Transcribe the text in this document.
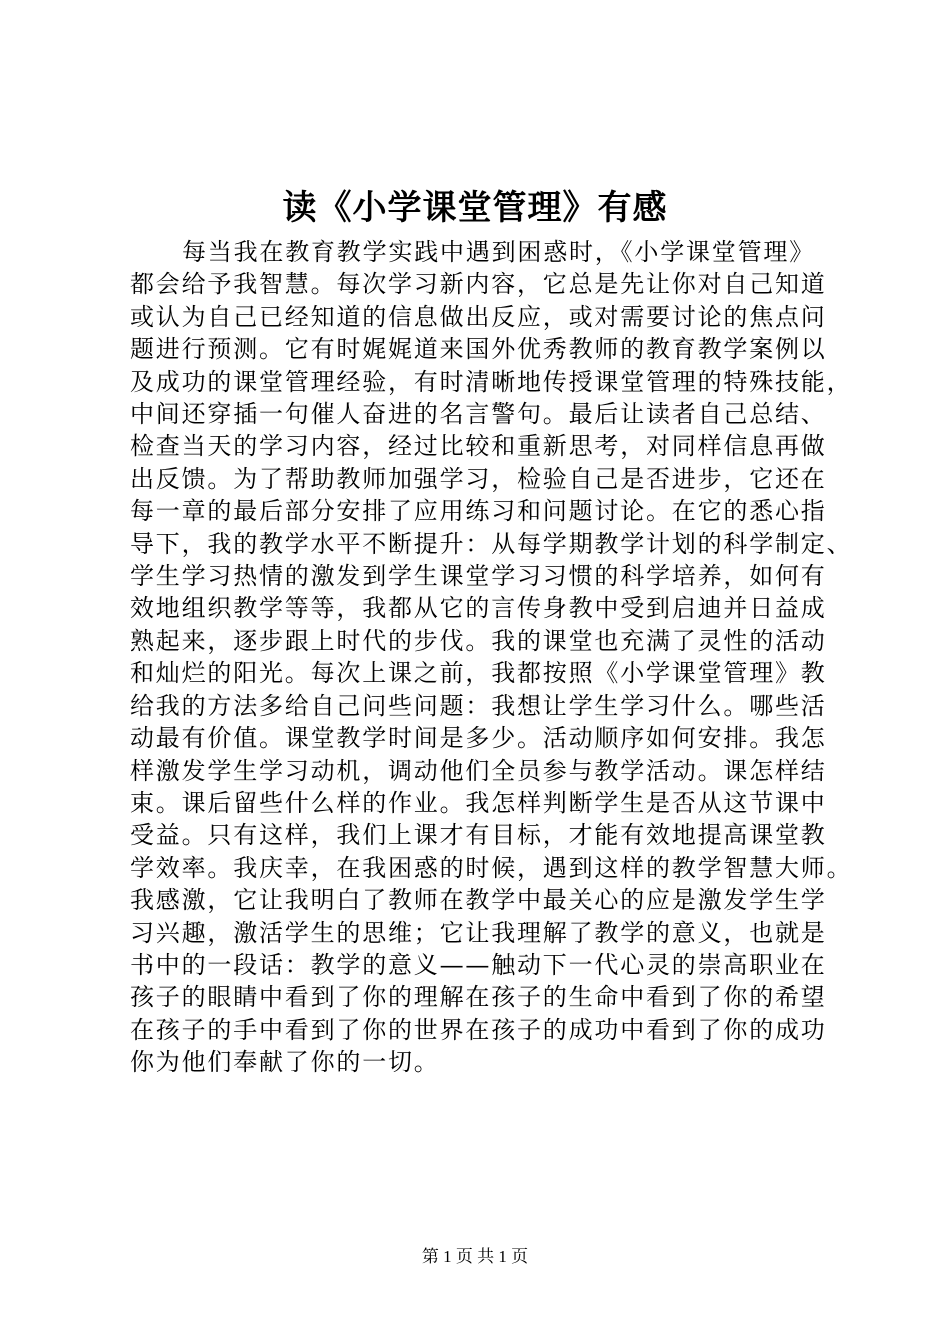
读《小学课堂管理》有感
每当我在教育教学实践中遇到困惑时，《小学课堂管理》
都会给予我智慧。每次学习新内容，它总是先让你对自己知道
或认为自己已经知道的信息做出反应，或对需要讨论的焦点问
题进行预测。它有时娓娓道来国外优秀教师的教育教学案例以
及成功的课堂管理经验，有时清晰地传授课堂管理的特殊技能，
中间还穿插一句催人奋进的名言警句。最后让读者自己总结、
检查当天的学习内容，经过比较和重新思考，对同样信息再做
出反馈。为了帮助教师加强学习，检验自己是否进步，它还在
每一章的最后部分安排了应用练习和问题讨论。在它的悉心指
导下，我的教学水平不断提升：从每学期教学计划的科学制定、
学生学习热情的激发到学生课堂学习习惯的科学培养，如何有
效地组织教学等等，我都从它的言传身教中受到启迪并日益成
熟起来，逐步跟上时代的步伐。我的课堂也充满了灵性的活动
和灿烂的阳光。每次上课之前，我都按照《小学课堂管理》教
给我的方法多给自己问些问题：我想让学生学习什么。哪些活
动最有价值。课堂教学时间是多少。活动顺序如何安排。我怎
样激发学生学习动机，调动他们全员参与教学活动。课怎样结
束。课后留些什么样的作业。我怎样判断学生是否从这节课中
受益。只有这样，我们上课才有目标，才能有效地提高课堂教
学效率。我庆幸，在我困惑的时候，遇到这样的教学智慧大师。
我感激，它让我明白了教师在教学中最关心的应是激发学生学
习兴趣，激活学生的思维；它让我理解了教学的意义，也就是
书中的一段话：教学的意义——触动下一代心灵的崇高职业在
孩子的眼睛中看到了你的理解在孩子的生命中看到了你的希望
在孩子的手中看到了你的世界在孩子的成功中看到了你的成功
你为他们奉献了你的一切。
第 1 页 共 1 页
